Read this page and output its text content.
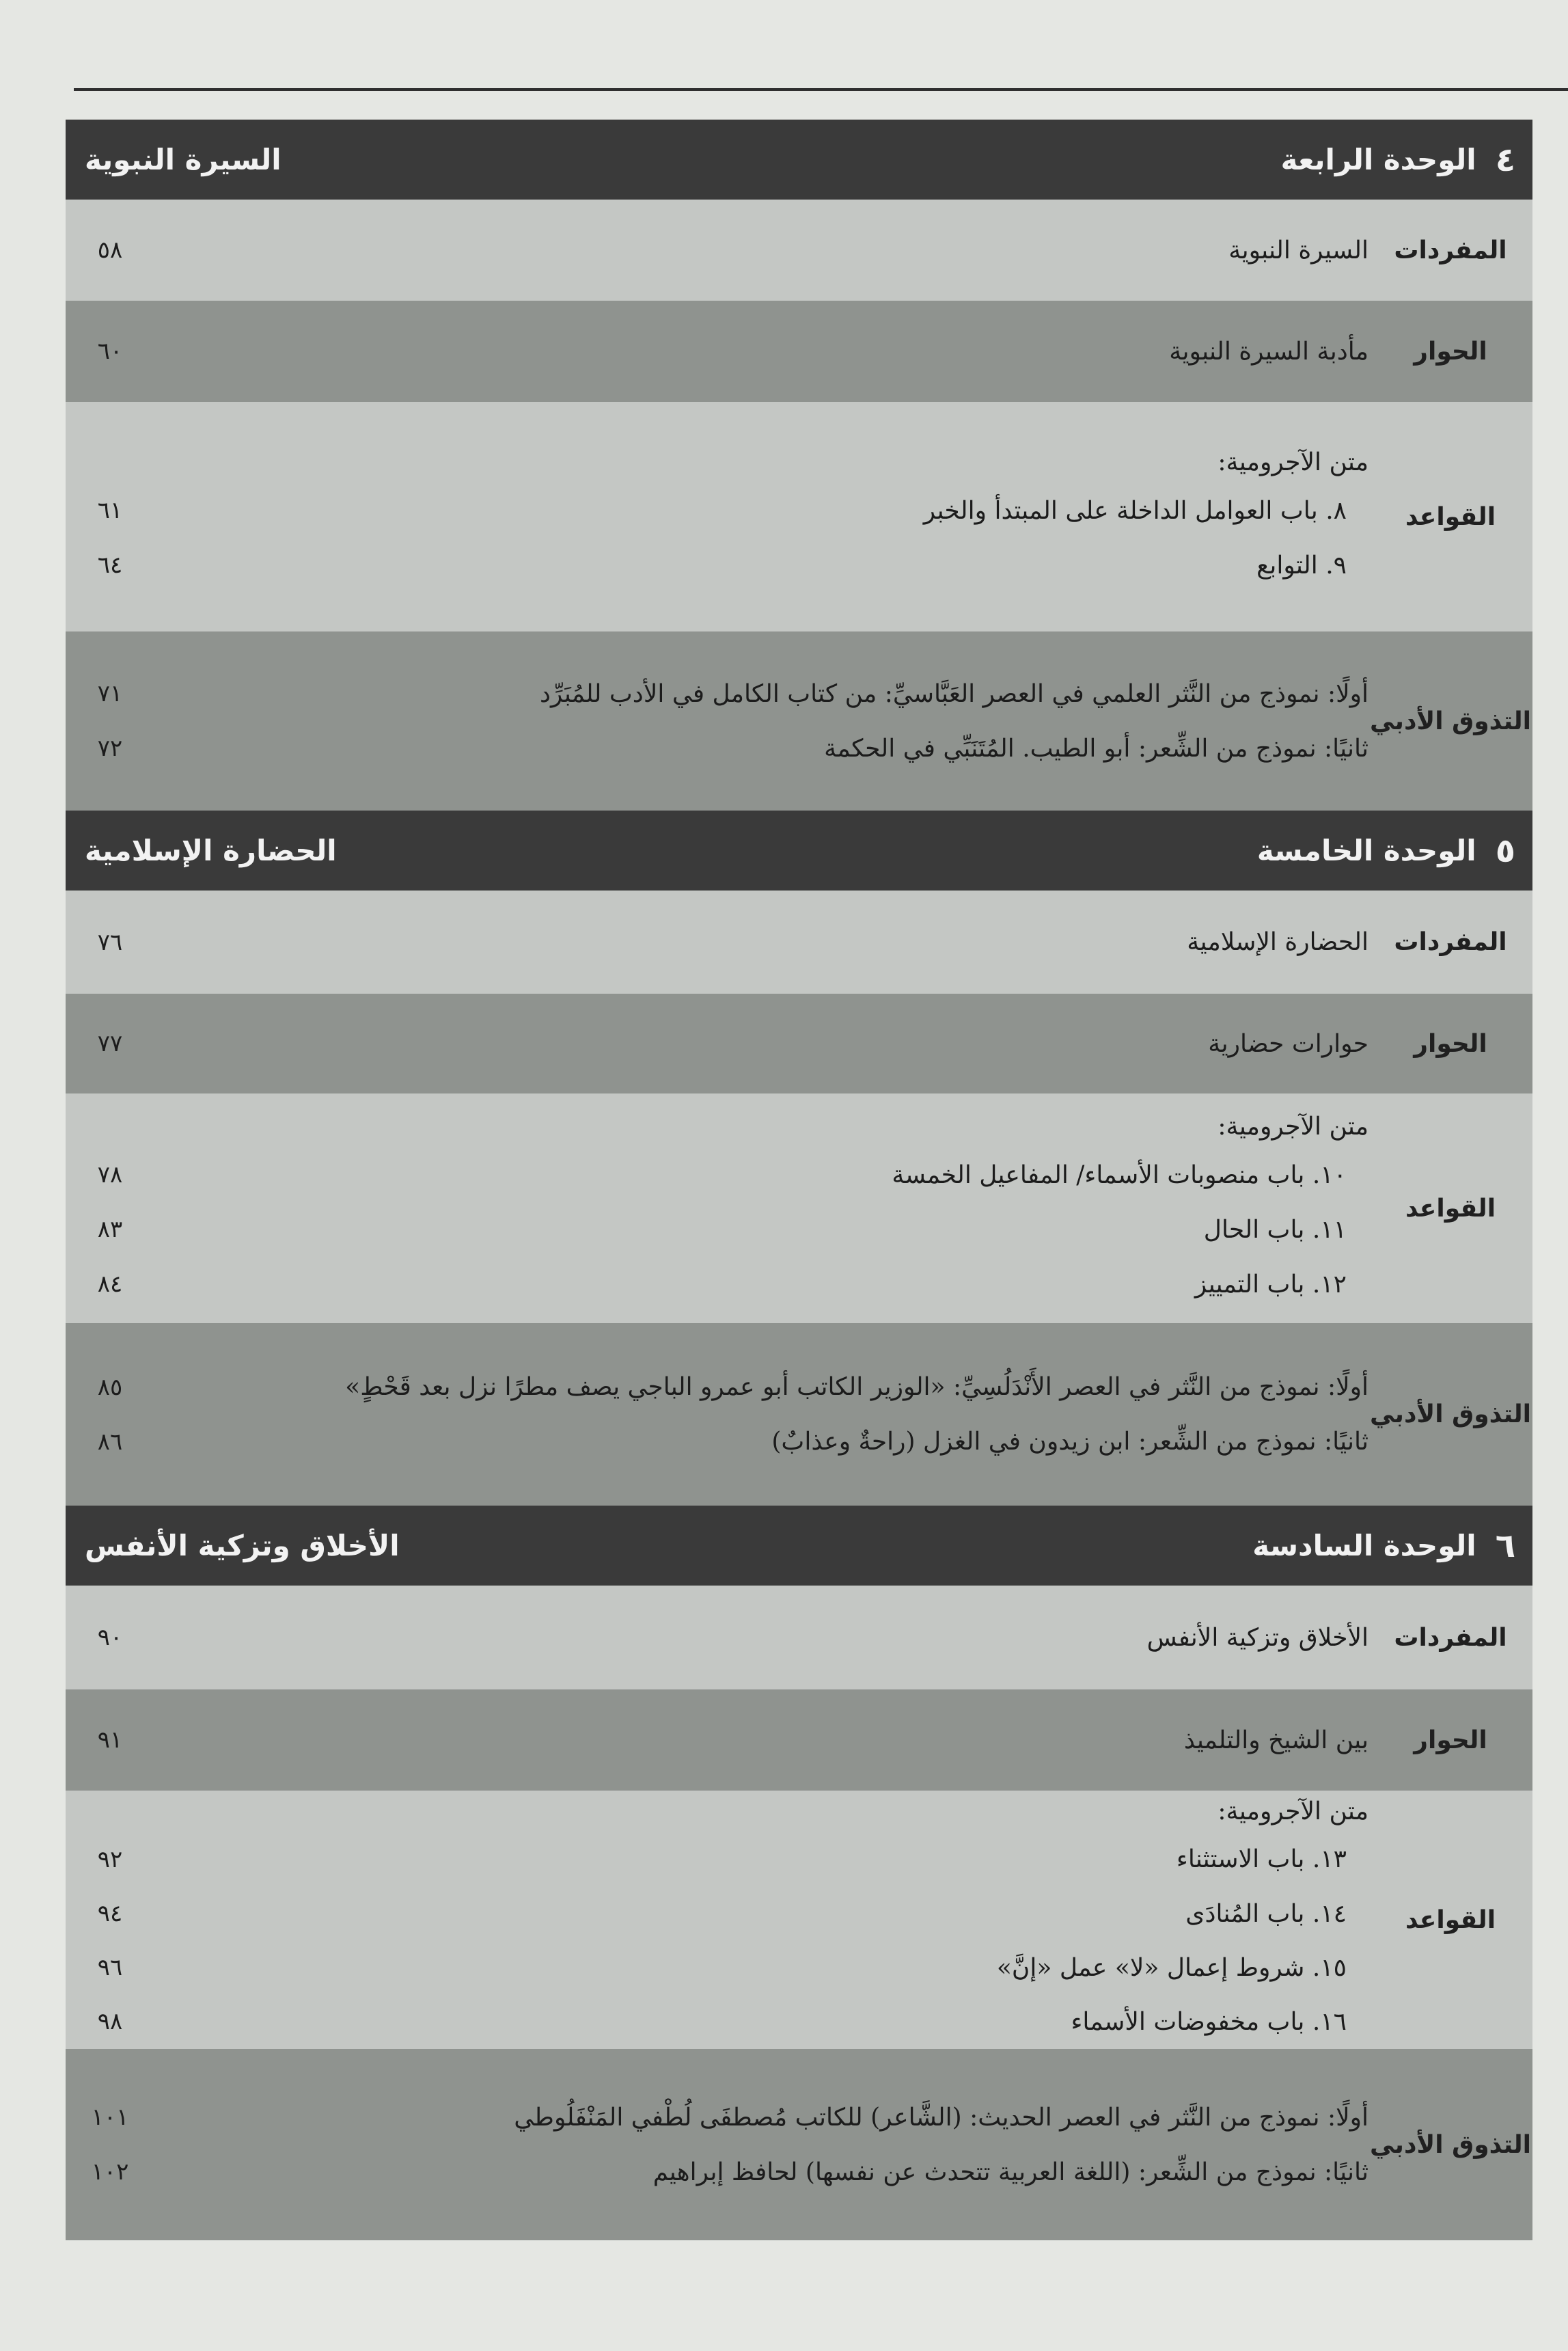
٤
الوحدة الرابعة
السيرة النبوية
المفردات
السيرة النبوية
٥٨
الحوار
مأدبة السيرة النبوية
٦٠
القواعد
متن الآجرومية:
٨. باب العوامل الداخلة على المبتدأ والخبر
٦١
٩. التوابع
٦٤
التذوق الأدبي
أولًا: نموذج من النَّثر العلمي في العصر العَبَّاسيِّ: من كتاب الكامل في الأدب للمُبَرِّد
٧١
ثانيًا: نموذج من الشِّعر: أبو الطيب. المُتَنَبِّي في الحكمة
٧٢
٥
الوحدة الخامسة
الحضارة الإسلامية
المفردات
الحضارة الإسلامية
٧٦
الحوار
حوارات حضارية
٧٧
القواعد
متن الآجرومية:
١٠. باب منصوبات الأسماء/ المفاعيل الخمسة
٧٨
١١. باب الحال
٨٣
١٢. باب التمييز
٨٤
التذوق الأدبي
أولًا: نموذج من النَّثر في العصر الأَنْدَلُسِيِّ: «الوزير الكاتب أبو عمرو الباجي يصف مطرًا نزل بعد قَحْطٍ»
٨٥
ثانيًا: نموذج من الشِّعر: ابن زيدون في الغزل (راحةٌ وعذابٌ)
٨٦
٦
الوحدة السادسة
الأخلاق وتزكية الأنفس
المفردات
الأخلاق وتزكية الأنفس
٩٠
الحوار
بين الشيخ والتلميذ
٩١
القواعد
متن الآجرومية:
١٣. باب الاستثناء
٩٢
١٤. باب المُنادَى
٩٤
١٥. شروط إعمال «لا» عمل «إنَّ»
٩٦
١٦. باب مخفوضات الأسماء
٩٨
التذوق الأدبي
أولًا: نموذج من النَّثر في العصر الحديث: (الشَّاعر) للكاتب مُصطفَى لُطْفي المَنْفَلُوطي
١٠١
ثانيًا: نموذج من الشِّعر: (اللغة العربية تتحدث عن نفسها) لحافظ إبراهيم
١٠٢
